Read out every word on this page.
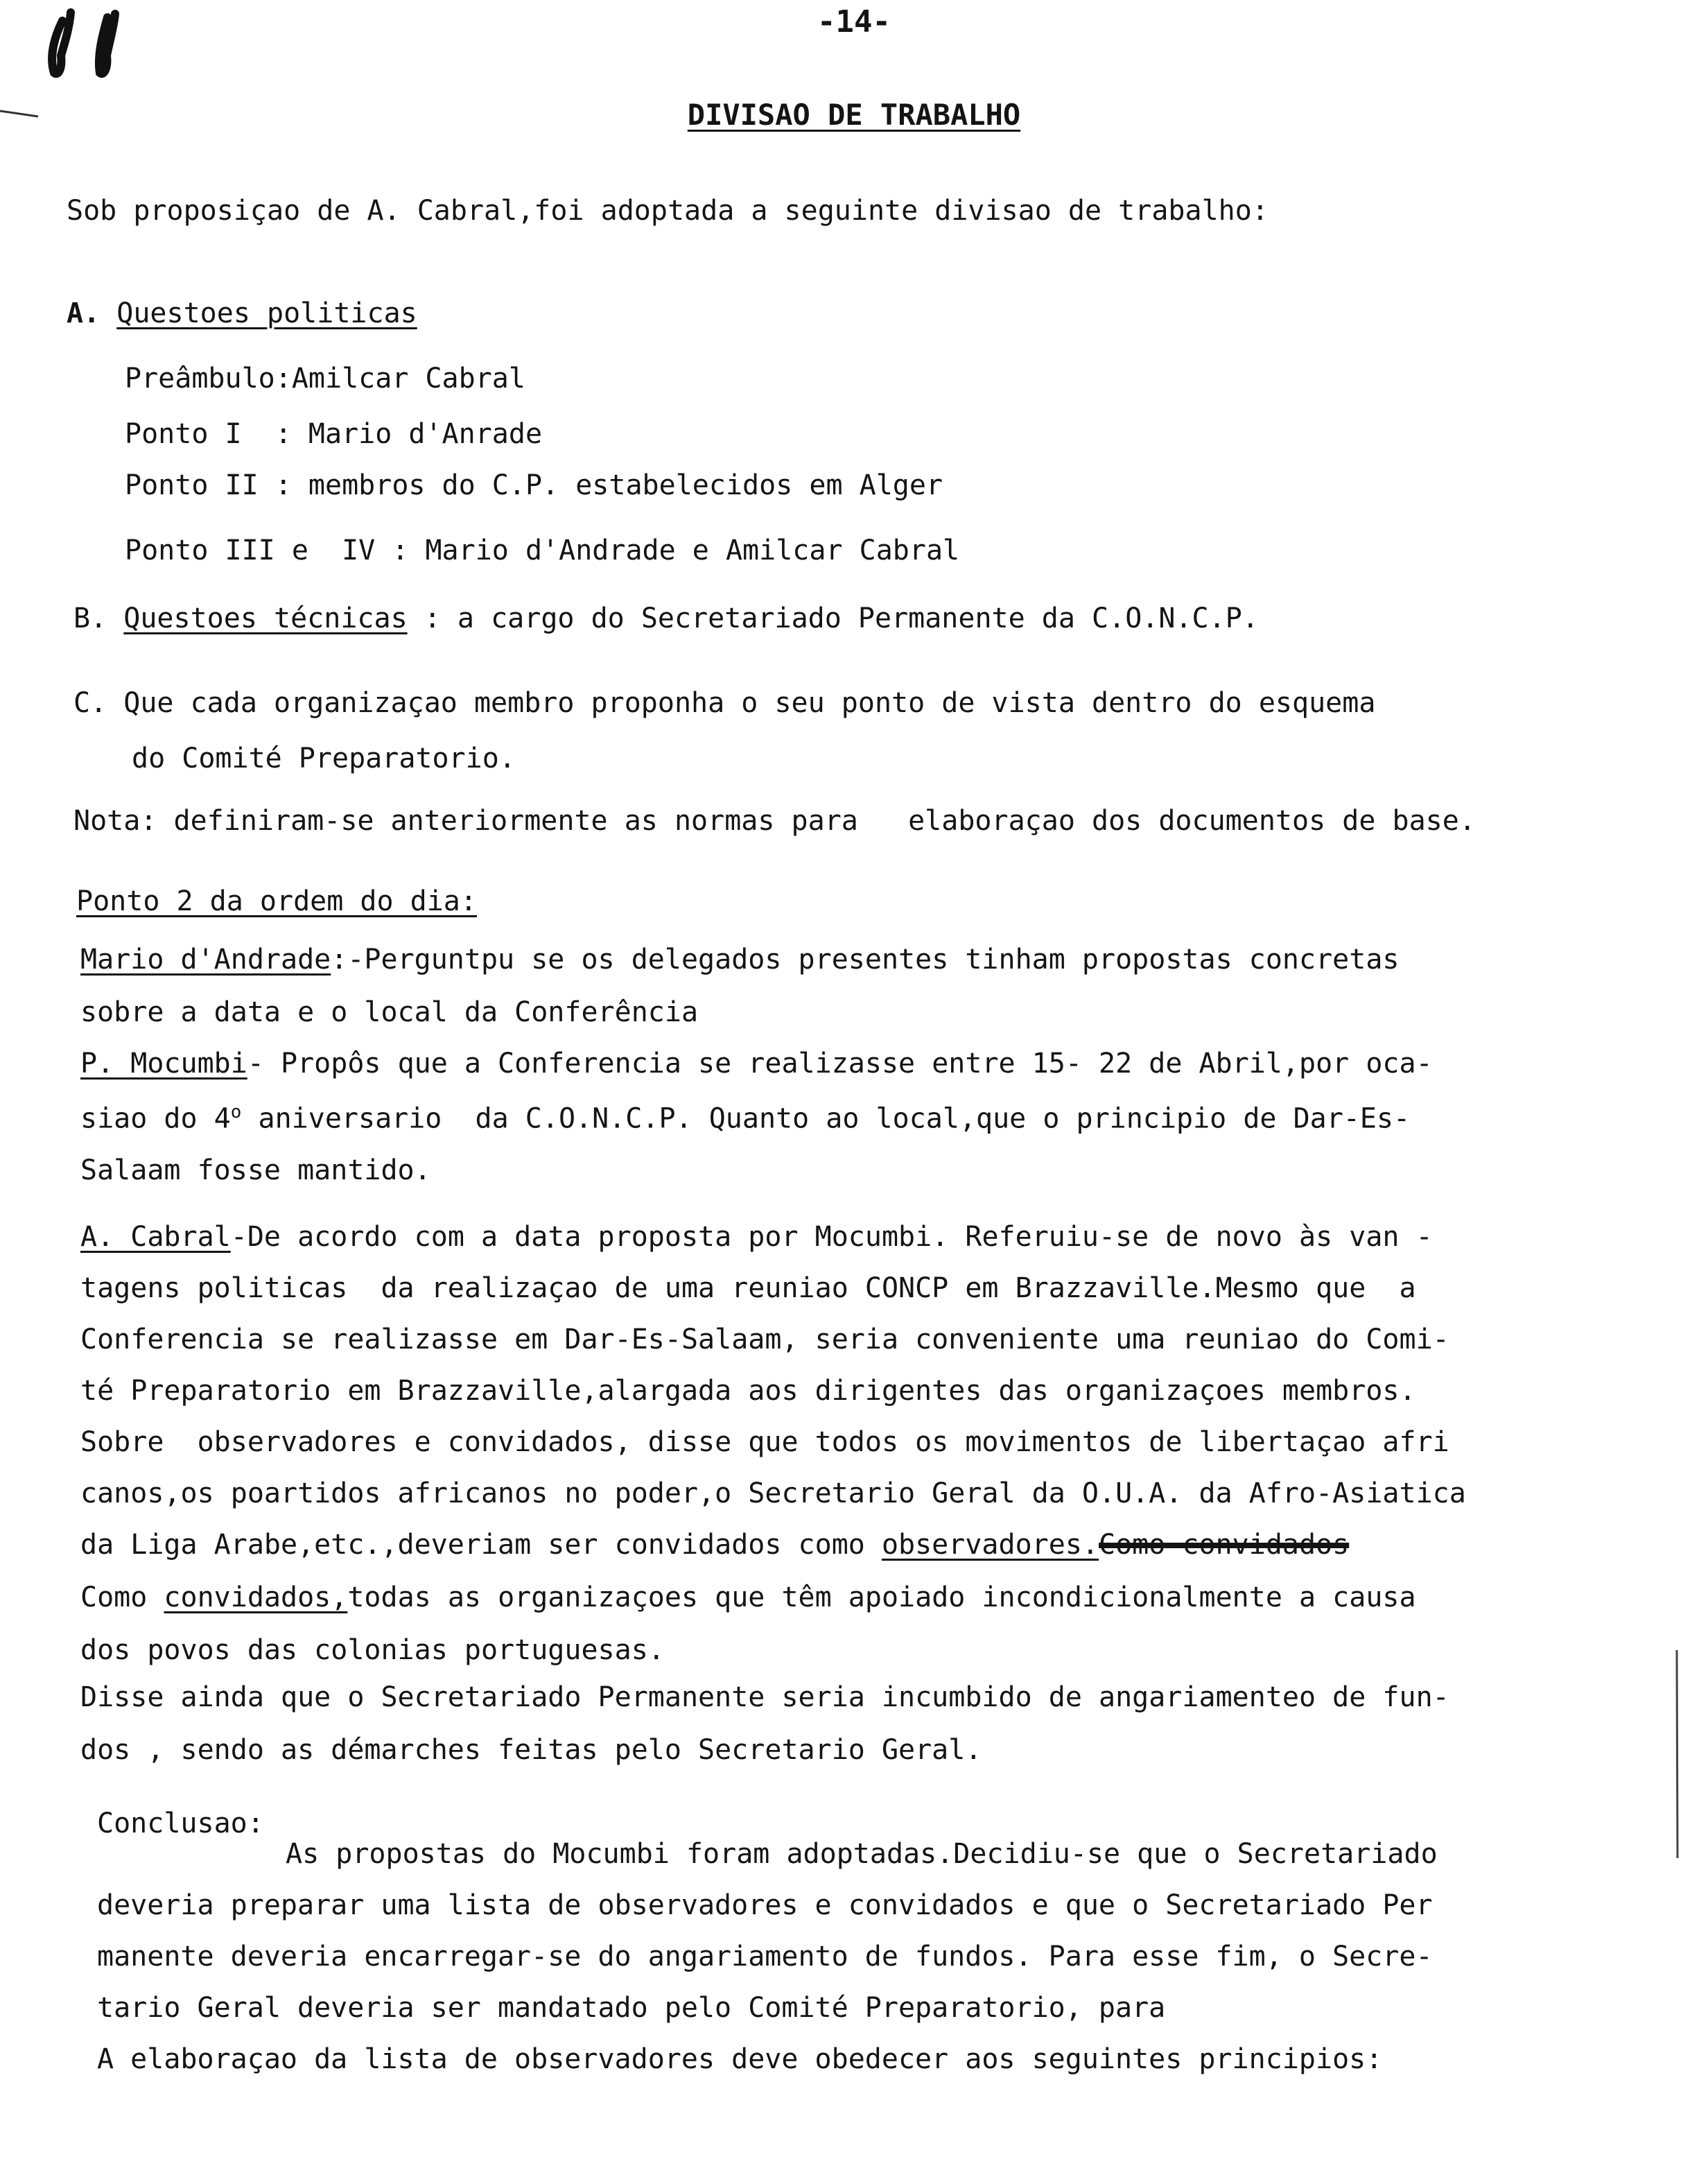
-14-
DIVISAO DE TRABALHO
Sob proposiçao de A. Cabral,foi adoptada a seguinte divisao de trabalho:
A. Questoes politicas
Preâmbulo:Amilcar Cabral
Ponto I  : Mario d'Anrade
Ponto II : membros do C.P. estabelecidos em Alger
Ponto III e  IV : Mario d'Andrade e Amilcar Cabral
B. Questoes técnicas : a cargo do Secretariado Permanente da C.O.N.C.P.
C. Que cada organizaçao membro proponha o seu ponto de vista dentro do esquema
do Comité Preparatorio.
Nota: definiram-se anteriormente as normas para   elaboraçao dos documentos de base.
Ponto 2 da ordem do dia:
Mario d'Andrade:-Perguntpu se os delegados presentes tinham propostas concretas
sobre a data e o local da Conferência
P. Mocumbi- Propôs que a Conferencia se realizasse entre 15- 22 de Abril,por oca-
siao do 4$^o$ aniversario  da C.O.N.C.P. Quanto ao local,que o principio de Dar-Es-
Salaam fosse mantido.
A. Cabral-De acordo com a data proposta por Mocumbi. Referuiu-se de novo às van -
tagens politicas  da realizaçao de uma reuniao CONCP em Brazzaville.Mesmo que  a
Conferencia se realizasse em Dar-Es-Salaam, seria conveniente uma reuniao do Comi-
té Preparatorio em Brazzaville,alargada aos dirigentes das organizaçoes membros.
Sobre  observadores e convidados, disse que todos os movimentos de libertaçao afri
canos,os poartidos africanos no poder,o Secretario Geral da O.U.A. da Afro-Asiatica
da Liga Arabe,etc.,deveriam ser convidados como observadores.Como convidados
Como convidados,todas as organizaçoes que têm apoiado incondicionalmente a causa
dos povos das colonias portuguesas.
Disse ainda que o Secretariado Permanente seria incumbido de angariamenteo de fun-
dos , sendo as démarches feitas pelo Secretario Geral.
Conclusao:
As propostas do Mocumbi foram adoptadas.Decidiu-se que o Secretariado
deveria preparar uma lista de observadores e convidados e que o Secretariado Per
manente deveria encarregar-se do angariamento de fundos. Para esse fim, o Secre-
tario Geral deveria ser mandatado pelo Comité Preparatorio, para
A elaboraçao da lista de observadores deve obedecer aos seguintes principios:
